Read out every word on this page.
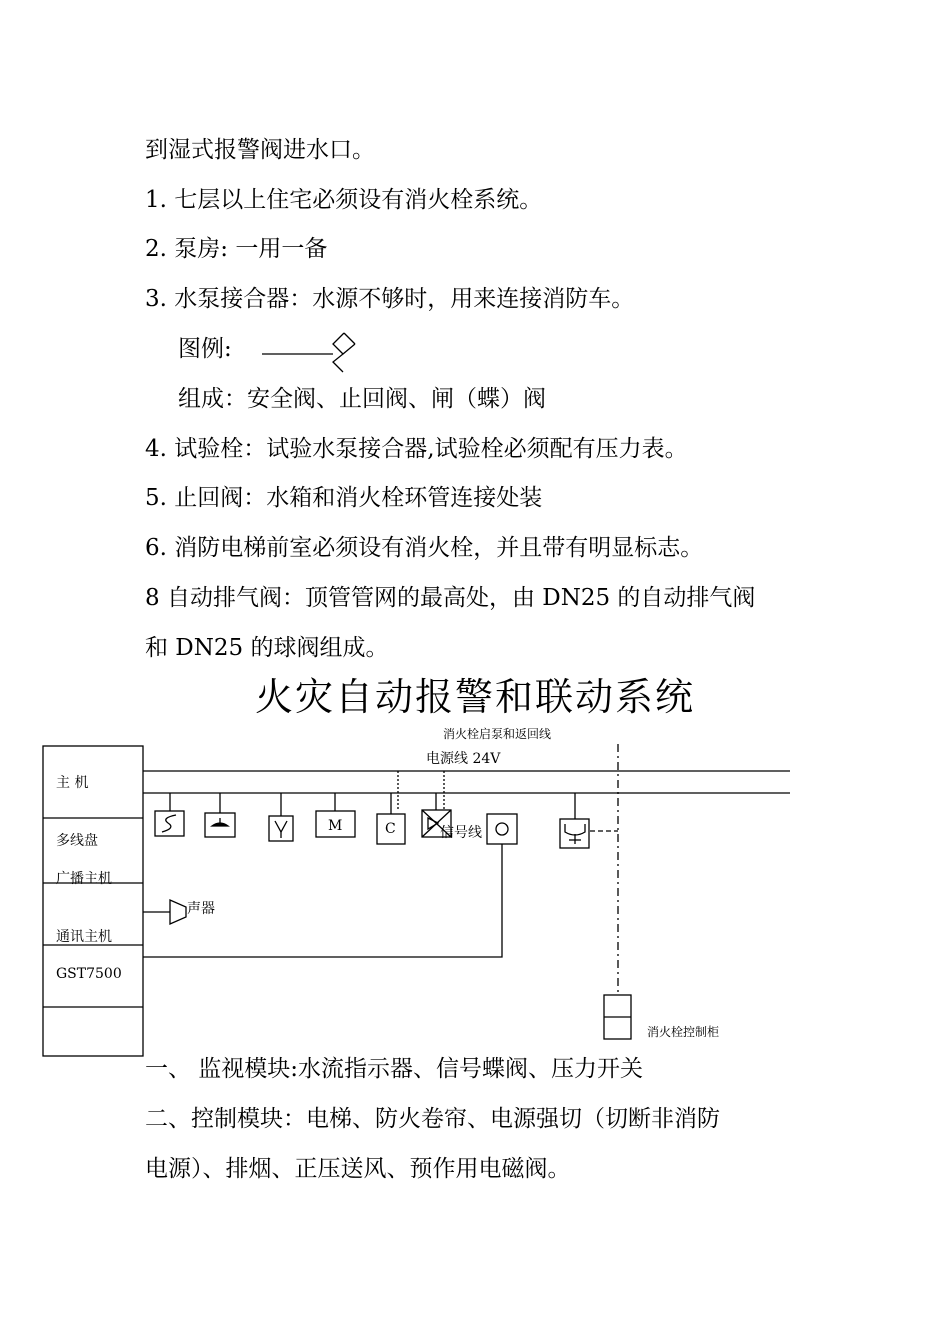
到湿式报警阀进水口。
1. 七层以上住宅必须设有消火栓系统。
2. 泵房: 一用一备
3. 水泵接合器：水源不够时，用来连接消防车。
图例:
组成：安全阀、止回阀、闸（蝶）阀
4. 试验栓：试验水泵接合器,试验栓必须配有压力表。
5. 止回阀：水箱和消火栓环管连接处装
6. 消防电梯前室必须设有消火栓，并且带有明显标志。
8 自动排气阀：顶管管网的最高处，由 DN25 的自动排气阀
和 DN25 的球阀组成。
火灾自动报警和联动系统
消火栓启泵和返回线
电源线 24V
主 机
多线盘
广播主机
通讯主机
GST7500
M	C	信号线
声器
消火栓控制柜
一、 监视模块:水流指示器、信号蝶阀、压力开关
二、控制模块：电梯、防火卷帘、电源强切（切断非消防
电源）、排烟、正压送风、预作用电磁阀。
